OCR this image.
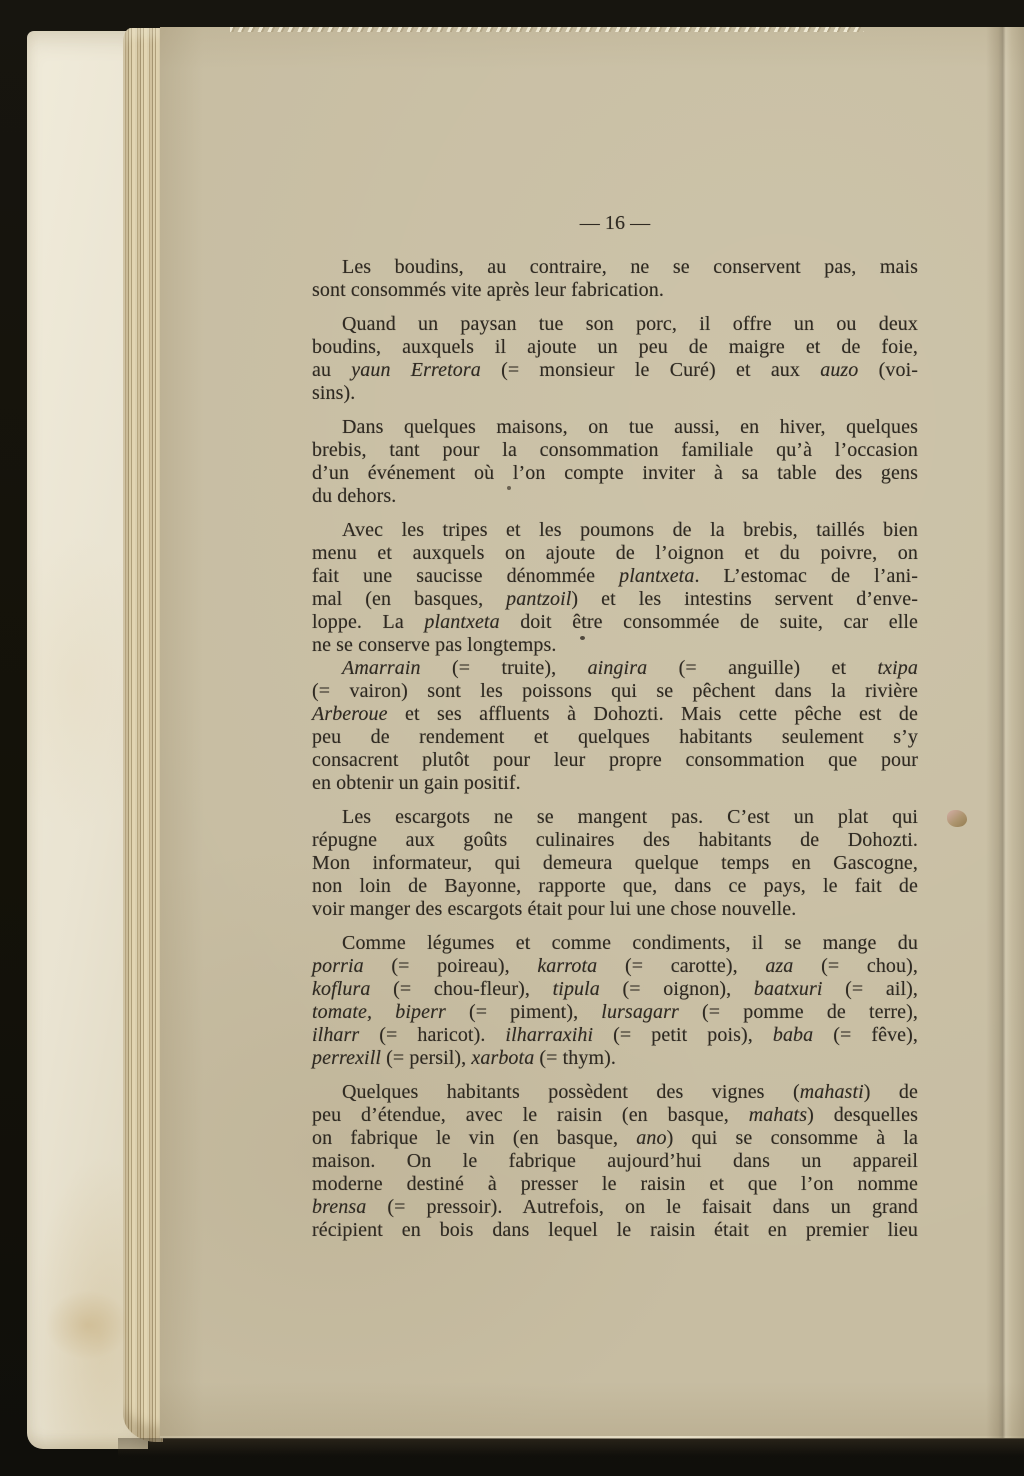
— 16 —
Les boudins, au contraire, ne se conservent pas, mais
sont consommés vite après leur fabrication.
Quand un paysan tue son porc, il offre un ou deux
boudins, auxquels il ajoute un peu de maigre et de foie,
au yaun Erretora (= monsieur le Curé) et aux auzo (voi-
sins).
Dans quelques maisons, on tue aussi, en hiver, quelques
brebis, tant pour la consommation familiale qu’à l’occasion
d’un événement où l’on compte inviter à sa table des gens
du dehors.
Avec les tripes et les poumons de la brebis, taillés bien
menu et auxquels on ajoute de l’oignon et du poivre, on
fait une saucisse dénommée plantxeta. L’estomac de l’ani-
mal (en basques, pantzoil) et les intestins servent d’enve-
loppe. La plantxeta doit être consommée de suite, car elle
ne se conserve pas longtemps.
Amarrain (= truite), aingira (= anguille) et txipa
(= vairon) sont les poissons qui se pêchent dans la rivière
Arberoue et ses affluents à Dohozti. Mais cette pêche est de
peu de rendement et quelques habitants seulement s’y
consacrent plutôt pour leur propre consommation que pour
en obtenir un gain positif.
Les escargots ne se mangent pas. C’est un plat qui
répugne aux goûts culinaires des habitants de Dohozti.
Mon informateur, qui demeura quelque temps en Gascogne,
non loin de Bayonne, rapporte que, dans ce pays, le fait de
voir manger des escargots était pour lui une chose nouvelle.
Comme légumes et comme condiments, il se mange du
porria (= poireau), karrota (= carotte), aza (= chou),
koflura (= chou-fleur), tipula (= oignon), baatxuri (= ail),
tomate, biperr (= piment), lursagarr (= pomme de terre),
ilharr (= haricot). ilharraxihi (= petit pois), baba (= fêve),
perrexill (= persil), xarbota (= thym).
Quelques habitants possèdent des vignes (mahasti) de
peu d’étendue, avec le raisin (en basque, mahats) desquelles
on fabrique le vin (en basque, ano) qui se consomme à la
maison. On le fabrique aujourd’hui dans un appareil
moderne destiné à presser le raisin et que l’on nomme
brensa (= pressoir). Autrefois, on le faisait dans un grand
récipient en bois dans lequel le raisin était en premier lieu
